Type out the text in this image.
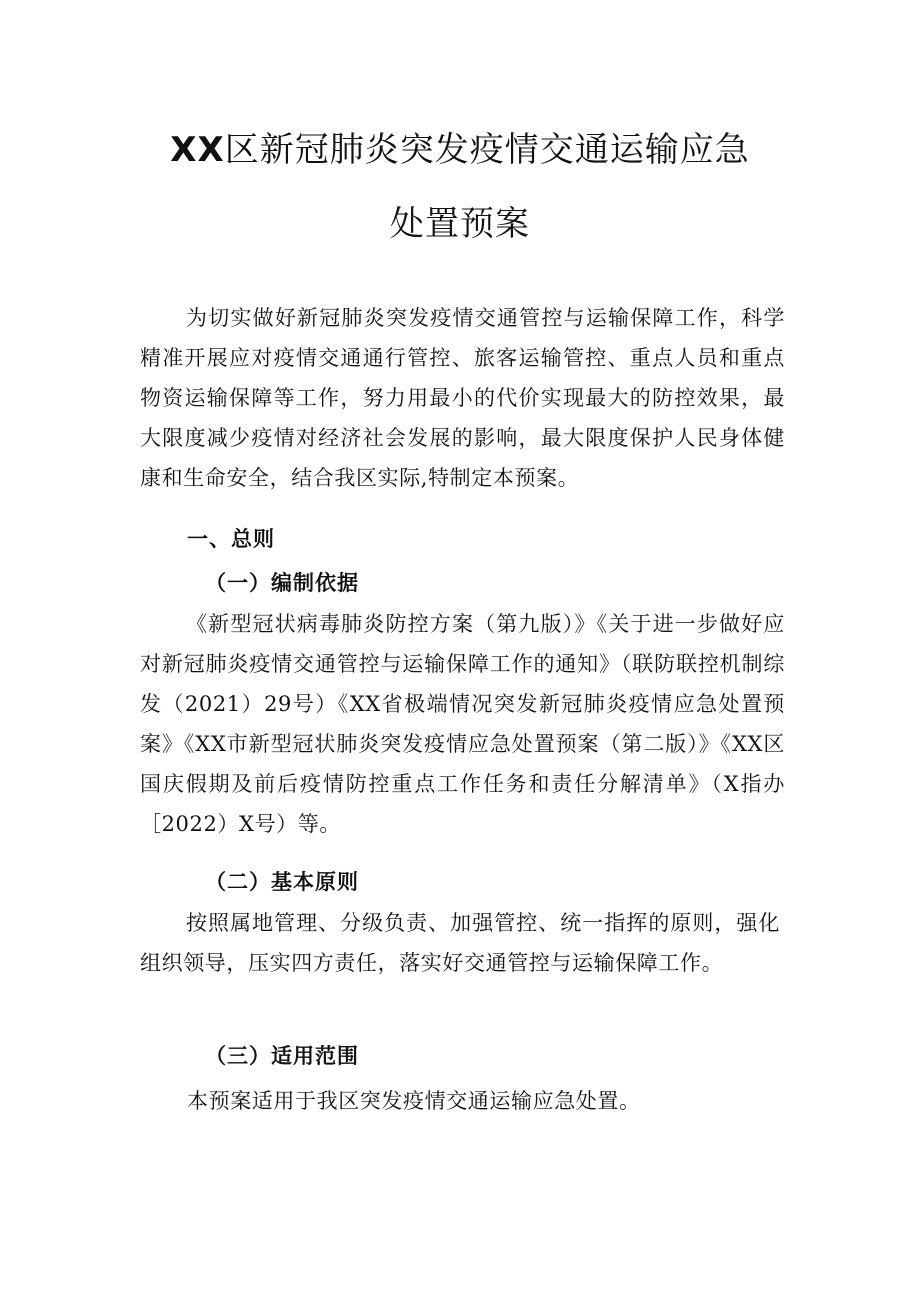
XX区新冠肺炎突发疫情交通运输应急
处置预案

为切实做好新冠肺炎突发疫情交通管控与运输保障工作，科学精准开展应对疫情交通通行管控、旅客运输管控、重点人员和重点物资运输保障等工作，努力用最小的代价实现最大的防控效果，最大限度减少疫情对经济社会发展的影响，最大限度保护人民身体健康和生命安全，结合我区实际,特制定本预案。

一、总则
（一）编制依据

《新型冠状病毒肺炎防控方案（第九版）》《关于进一步做好应对新冠肺炎疫情交通管控与运输保障工作的通知》（联防联控机制综发（2021）29号）《XX省极端情况突发新冠肺炎疫情应急处置预案》《XX市新型冠状肺炎突发疫情应急处置预案（第二版）》《XX区国庆假期及前后疫情防控重点工作任务和责任分解清单》（X指办［2022）X号）等。

（二）基本原则

按照属地管理、分级负责、加强管控、统一指挥的原则，强化组织领导，压实四方责任，落实好交通管控与运输保障工作。

（三）适用范围
本预案适用于我区突发疫情交通运输应急处置。
